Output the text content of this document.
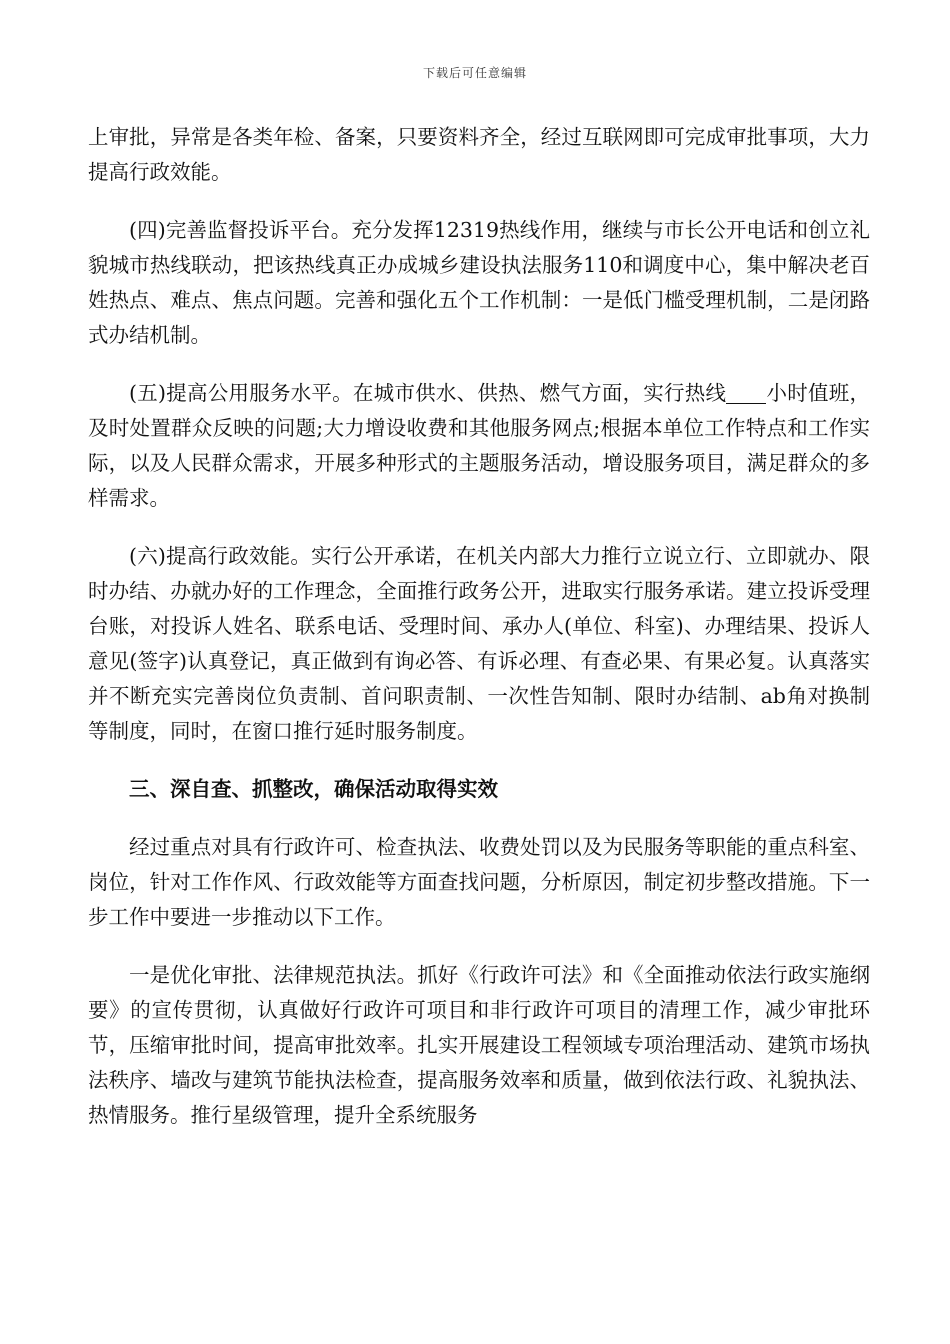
下载后可任意编辑

上审批，异常是各类年检、备案，只要资料齐全，经过互联网即可完成审批事项，大力提高行政效能。

(四)完善监督投诉平台。充分发挥12319热线作用，继续与市长公开电话和创立礼貌城市热线联动，把该热线真正办成城乡建设执法服务110和调度中心，集中解决老百姓热点、难点、焦点问题。完善和强化五个工作机制：一是低门槛受理机制，二是闭路式办结机制。

(五)提高公用服务水平。在城市供水、供热、燃气方面，实行热线 小时值班，及时处置群众反映的问题;大力增设收费和其他服务网点;根据本单位工作特点和工作实际，以及人民群众需求，开展多种形式的主题服务活动，增设服务项目，满足群众的多样需求。

(六)提高行政效能。实行公开承诺，在机关内部大力推行立说立行、立即就办、限时办结、办就办好的工作理念，全面推行政务公开，进取实行服务承诺。建立投诉受理台账，对投诉人姓名、联系电话、受理时间、承办人(单位、科室)、办理结果、投诉人意见(签字)认真登记，真正做到有询必答、有诉必理、有查必果、有果必复。认真落实并不断充实完善岗位负责制、首问职责制、一次性告知制、限时办结制、ab角对换制等制度，同时，在窗口推行延时服务制度。

三、深自查、抓整改，确保活动取得实效

经过重点对具有行政许可、检查执法、收费处罚以及为民服务等职能的重点科室、岗位，针对工作作风、行政效能等方面查找问题，分析原因，制定初步整改措施。下一步工作中要进一步推动以下工作。

一是优化审批、法律规范执法。抓好《行政许可法》和《全面推动依法行政实施纲要》的宣传贯彻，认真做好行政许可项目和非行政许可项目的清理工作，减少审批环节，压缩审批时间，提高审批效率。扎实开展建设工程领域专项治理活动、建筑市场执法秩序、墙改与建筑节能执法检查，提高服务效率和质量，做到依法行政、礼貌执法、热情服务。推行星级管理，提升全系统服务
